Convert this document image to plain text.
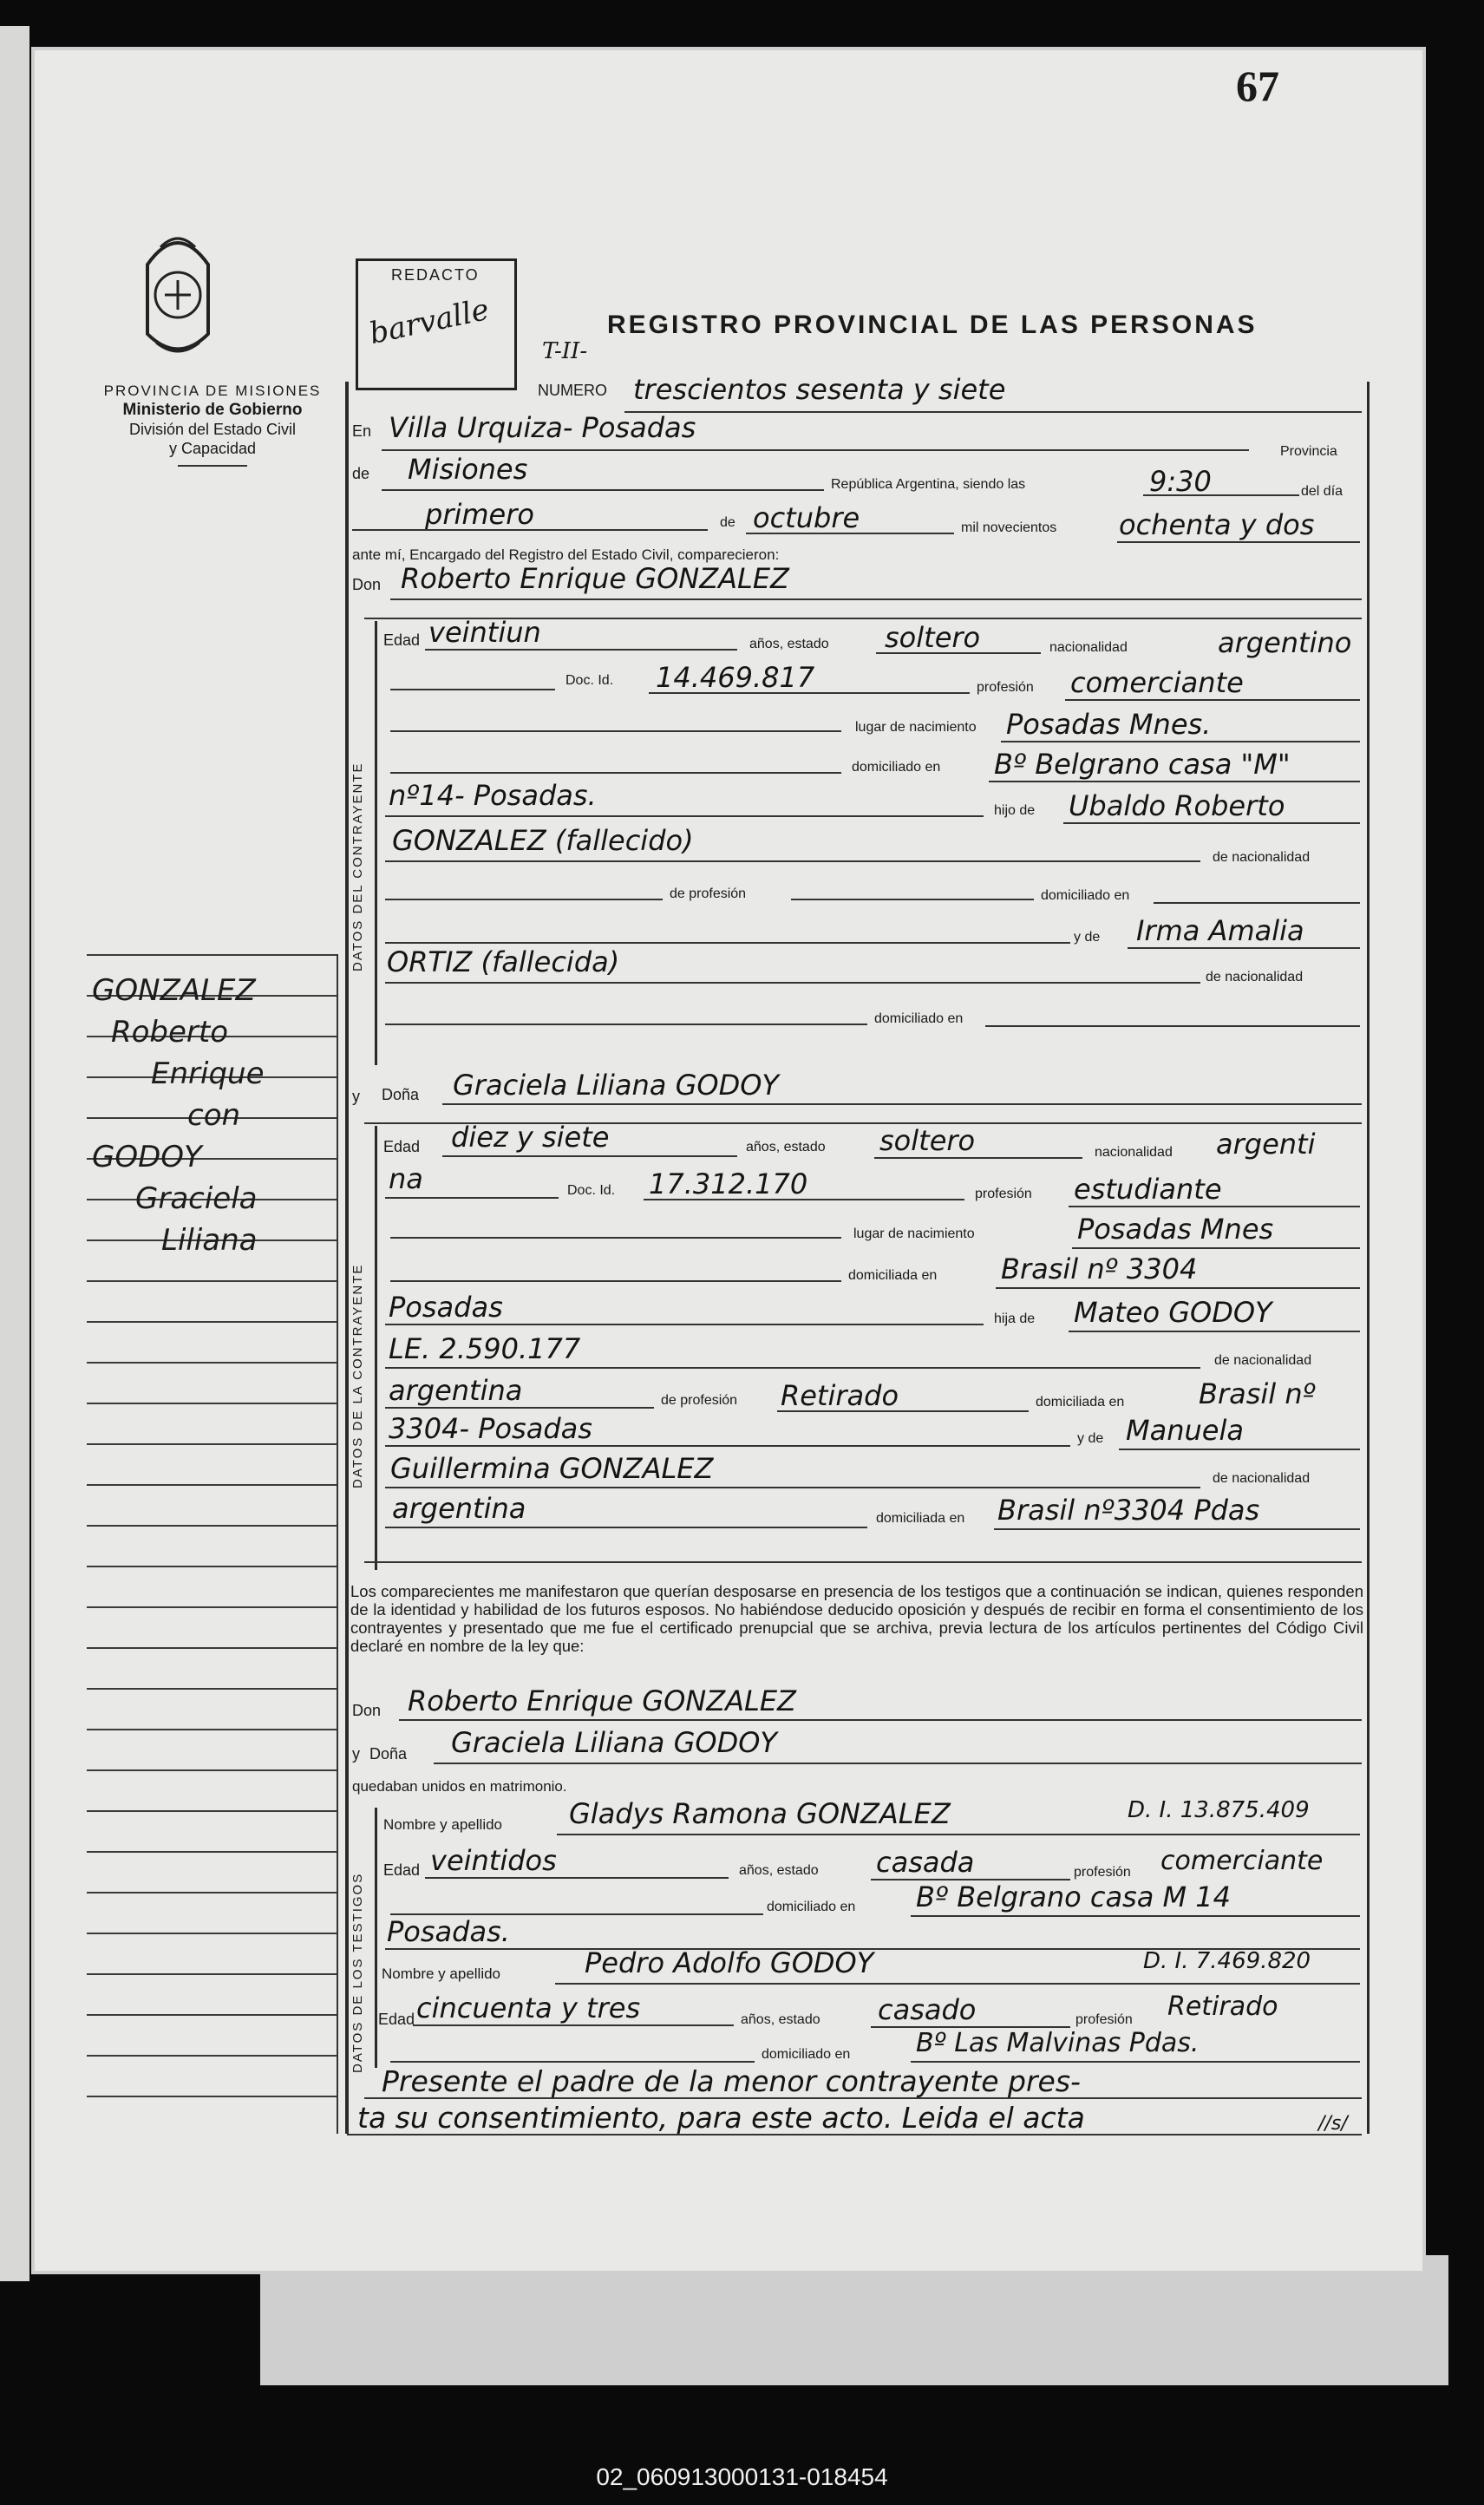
67
PROVINCIA DE MISIONES
Ministerio de Gobierno
División del Estado Civil
y Capacidad
GONZALEZ
Roberto
Enrique
con
GODOY
Graciela
Liliana
REDACTO
barvalle T-II-
REGISTRO PROVINCIAL DE LAS PERSONAS
NUMERO trescientos sesenta y siete
En Villa Urquiza- Posadas
Provincia
de Misiones	República Argentina, siendo las	9:30	del día
primero	de octubre	mil novecientos ochenta y dos
ante mí, Encargado del Registro del Estado Civil, comparecieron:
Don Roberto Enrique GONZALEZ
DATOS DEL CONTRAYENTE
Edad veintiun	años, estado soltero	nacionalidad	argentino
Doc. Id. 14.469.817	profesión comerciante
lugar de nacimiento Posadas Mnes.
domiciliado en Bº Belgrano casa "M"
nº14- Posadas.	hijo de Ubaldo Roberto
GONZALEZ (fallecido)
de nacionalidad
de profesión	domiciliado en
y de Irma Amalia
ORTIZ (fallecida)	de nacionalidad
domiciliado en
y Doña Graciela Liliana GODOY
DATOS DE LA CONTRAYENTE
Edad diez y siete	años, estado soltero	nacionalidad argenti
na	Doc. Id. 17.312.170	profesión estudiante
lugar de nacimiento	Posadas Mnes
domiciliada en Brasil nº 3304
Posadas	hija de Mateo GODOY
LE. 2.590.177	de nacionalidad
argentina	de profesión Retirado	domiciliada en	Brasil nº
3304- Posadas	y de Manuela
Guillermina GONZALEZ	de nacionalidad
argentina	domiciliada en Brasil nº3304 Pdas
Los comparecientes me manifestaron que querían desposarse en presencia de los testigos que a continuación se indican, quienes responden de la identidad y habilidad de los futuros esposos. No habiéndose deducido oposición y después de recibir en forma el consentimiento de los contrayentes y presentado que me fue el certificado prenupcial que se archiva, previa lectura de los artículos pertinentes del Código Civil declaré en nombre de la ley que:
Don Roberto Enrique GONZALEZ
y Doña Graciela Liliana GODOY
quedaban unidos en matrimonio.
DATOS DE LOS TESTIGOS
Nombre y apellido Gladys Ramona GONZALEZ	D. I. 13.875.409
Edad veintidos	años, estado casada	profesión comerciante
domiciliado en Bº Belgrano casa M 14
Posadas.
Nombre y apellido	Pedro Adolfo GODOY	D. I. 7.469.820
Edad cincuenta y tres	años, estado casado	profesión Retirado
domiciliado en	Bº Las Malvinas Pdas.
Presente el padre de la menor contrayente pres-
ta su consentimiento, para este acto. Leida el acta	//s/
02_060913000131-018454
